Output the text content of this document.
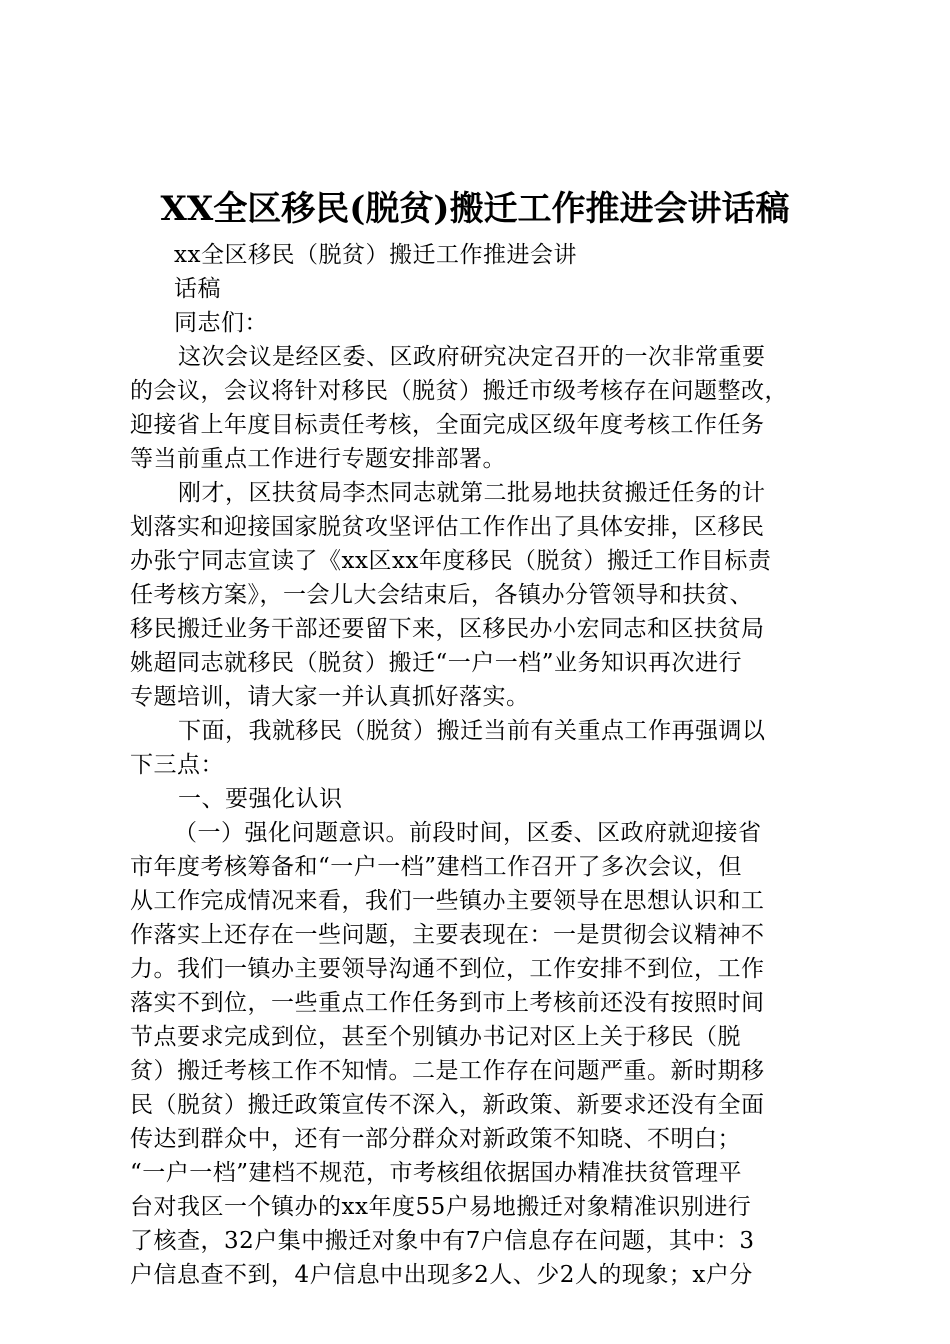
XX全区移民(脱贫)搬迁工作推进会讲话稿
xx全区移民（脱贫）搬迁工作推进会讲
话稿
同志们：
这次会议是经区委、区政府研究决定召开的一次非常重要
的会议，会议将针对移民（脱贫）搬迁市级考核存在问题整改，
迎接省上年度目标责任考核，全面完成区级年度考核工作任务
等当前重点工作进行专题安排部署。
刚才，区扶贫局李杰同志就第二批易地扶贫搬迁任务的计
划落实和迎接国家脱贫攻坚评估工作作出了具体安排，区移民
办张宁同志宣读了《xx区xx年度移民（脱贫）搬迁工作目标责
任考核方案》，一会儿大会结束后，各镇办分管领导和扶贫、
移民搬迁业务干部还要留下来，区移民办小宏同志和区扶贫局
姚超同志就移民（脱贫）搬迁“一户一档”业务知识再次进行
专题培训，请大家一并认真抓好落实。
下面，我就移民（脱贫）搬迁当前有关重点工作再强调以
下三点：
一、要强化认识
（一）强化问题意识。前段时间，区委、区政府就迎接省
市年度考核筹备和“一户一档”建档工作召开了多次会议，但
从工作完成情况来看，我们一些镇办主要领导在思想认识和工
作落实上还存在一些问题，主要表现在：一是贯彻会议精神不
力。我们一镇办主要领导沟通不到位，工作安排不到位，工作
落实不到位，一些重点工作任务到市上考核前还没有按照时间
节点要求完成到位，甚至个别镇办书记对区上关于移民（脱
贫）搬迁考核工作不知情。二是工作存在问题严重。新时期移
民（脱贫）搬迁政策宣传不深入，新政策、新要求还没有全面
传达到群众中，还有一部分群众对新政策不知晓、不明白；
“一户一档”建档不规范，市考核组依据国办精准扶贫管理平
台对我区一个镇办的xx年度55户易地搬迁对象精准识别进行
了核查，32户集中搬迁对象中有7户信息存在问题，其中：3
户信息查不到，4户信息中出现多2人、少2人的现象；x户分
